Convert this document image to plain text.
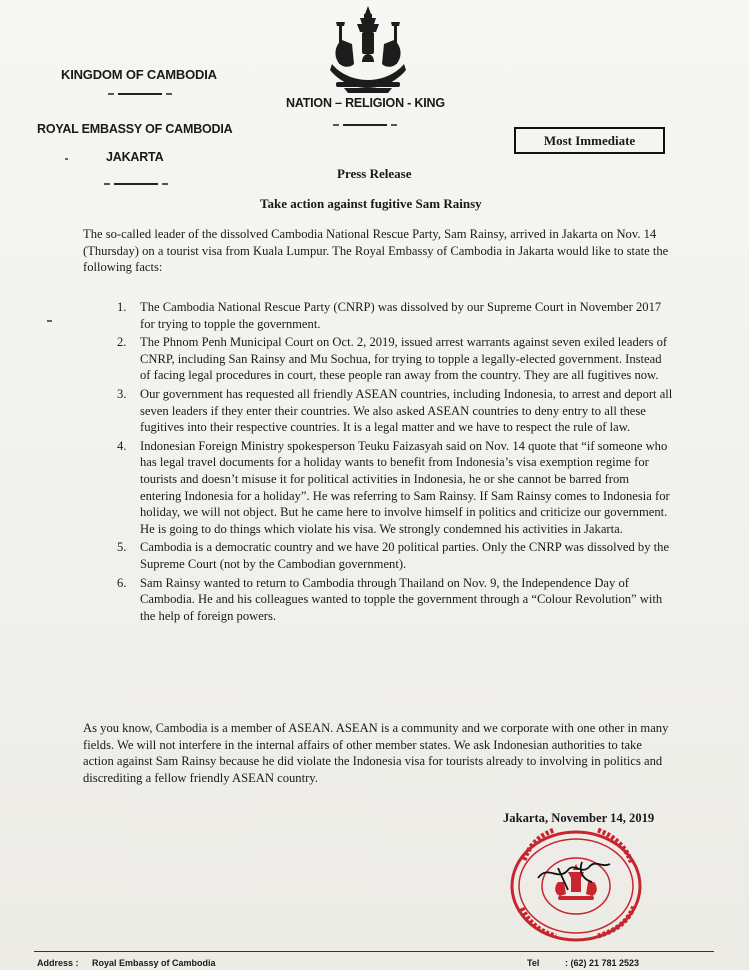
KINGDOM OF CAMBODIA
ROYAL EMBASSY OF CAMBODIA
JAKARTA
NATION – RELIGION - KING
Most Immediate
Press Release
Take action against fugitive Sam Rainsy
The so-called leader of the dissolved Cambodia National Rescue Party, Sam Rainsy, arrived in Jakarta on Nov. 14 (Thursday) on a tourist visa from Kuala Lumpur. The Royal Embassy of Cambodia in Jakarta would like to state the following facts:
1. The Cambodia National Rescue Party (CNRP) was dissolved by our Supreme Court in November 2017 for trying to topple the government.
2. The Phnom Penh Municipal Court on Oct. 2, 2019, issued arrest warrants against seven exiled leaders of CNRP, including San Rainsy and Mu Sochua, for trying to topple a legally-elected government. Instead of facing legal procedures in court, these people ran away from the country. They are all fugitives now.
3. Our government has requested all friendly ASEAN countries, including Indonesia, to arrest and deport all seven leaders if they enter their countries. We also asked ASEAN countries to deny entry to all these fugitives into their respective countries. It is a legal matter and we have to respect the rule of law.
4. Indonesian Foreign Ministry spokesperson Teuku Faizasyah said on Nov. 14 quote that “if someone who has legal travel documents for a holiday wants to benefit from Indonesia’s visa exemption regime for tourists and doesn’t misuse it for political activities in Indonesia, he or she cannot be barred from entering Indonesia for a holiday”. He was referring to Sam Rainsy. If Sam Rainsy comes to Indonesia for holiday, we will not object. But he came here to involve himself in politics and criticize our government. He is going to do things which violate his visa. We strongly condemned his activities in Jakarta.
5. Cambodia is a democratic country and we have 20 political parties. Only the CNRP was dissolved by the Supreme Court (not by the Cambodian government).
6. Sam Rainsy wanted to return to Cambodia through Thailand on Nov. 9, the Independence Day of Cambodia. He and his colleagues wanted to topple the government through a “Colour Revolution” with the help of foreign powers.
As you know, Cambodia is a member of ASEAN. ASEAN is a community and we corporate with one other in many fields. We will not interfere in the internal affairs of other member states. We ask Indonesian authorities to take action against Sam Rainsy because he did violate the Indonesia visa for tourists already to involving in politics and discrediting a fellow friendly ASEAN country.
Jakarta, November 14, 2019
Address : Royal Embassy of Cambodia	Tel	: (62) 21 781 2523
